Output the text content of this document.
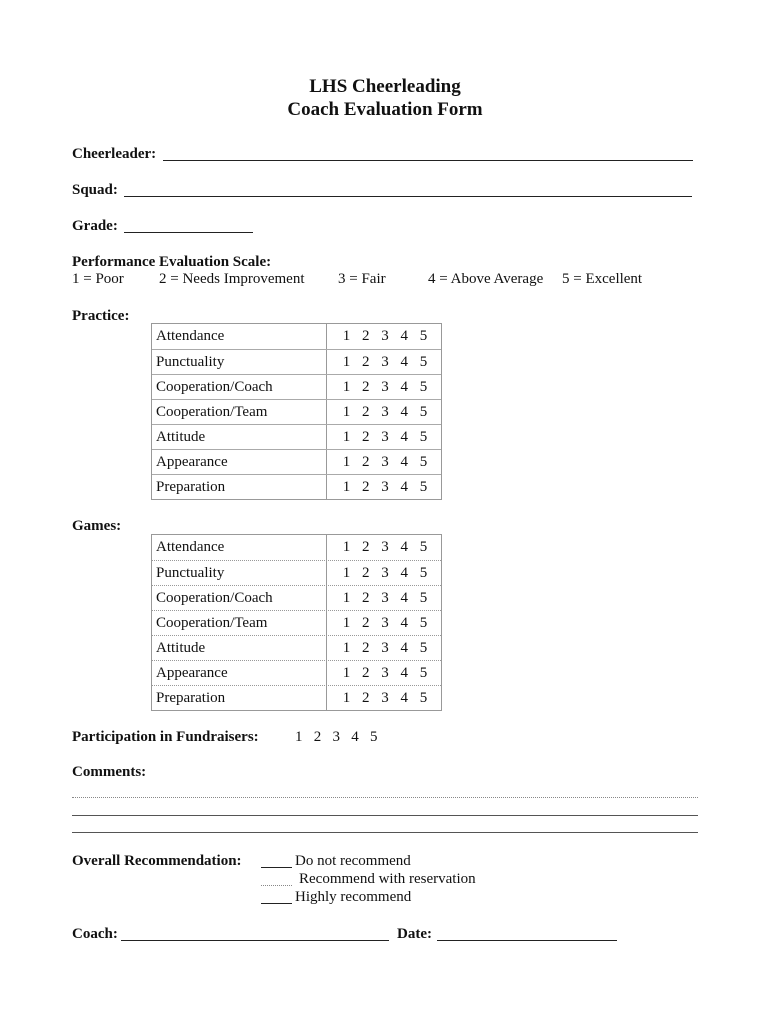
LHS Cheerleading
Coach Evaluation Form
Cheerleader:
Squad:
Grade:
Performance Evaluation Scale:
1 = Poor 2 = Needs Improvement 3 = Fair	4 = Above Average 5 = Excellent
Practice:
Attendance	1 2 3 4 5
Punctuality	1 2 3 4 5
Cooperation/Coach	1 2 3 4 5
Cooperation/Team	1 2 3 4 5
Attitude	1 2 3 4 5
Appearance	1 2 3 4 5
Preparation	1 2 3 4 5
Games:
Attendance	1 2 3 4 5
Punctuality	1 2 3 4 5
Cooperation/Coach	1 2 3 4 5
Cooperation/Team	1 2 3 4 5
Attitude	1 2 3 4 5
Appearance	1 2 3 4 5
Preparation	1 2 3 4 5
Participation in Fundraisers: 1   2   3   4   5
Comments:
Overall Recommendation:	Do not recommend
Recommend with reservation
Highly recommend
Coach:	Date:
